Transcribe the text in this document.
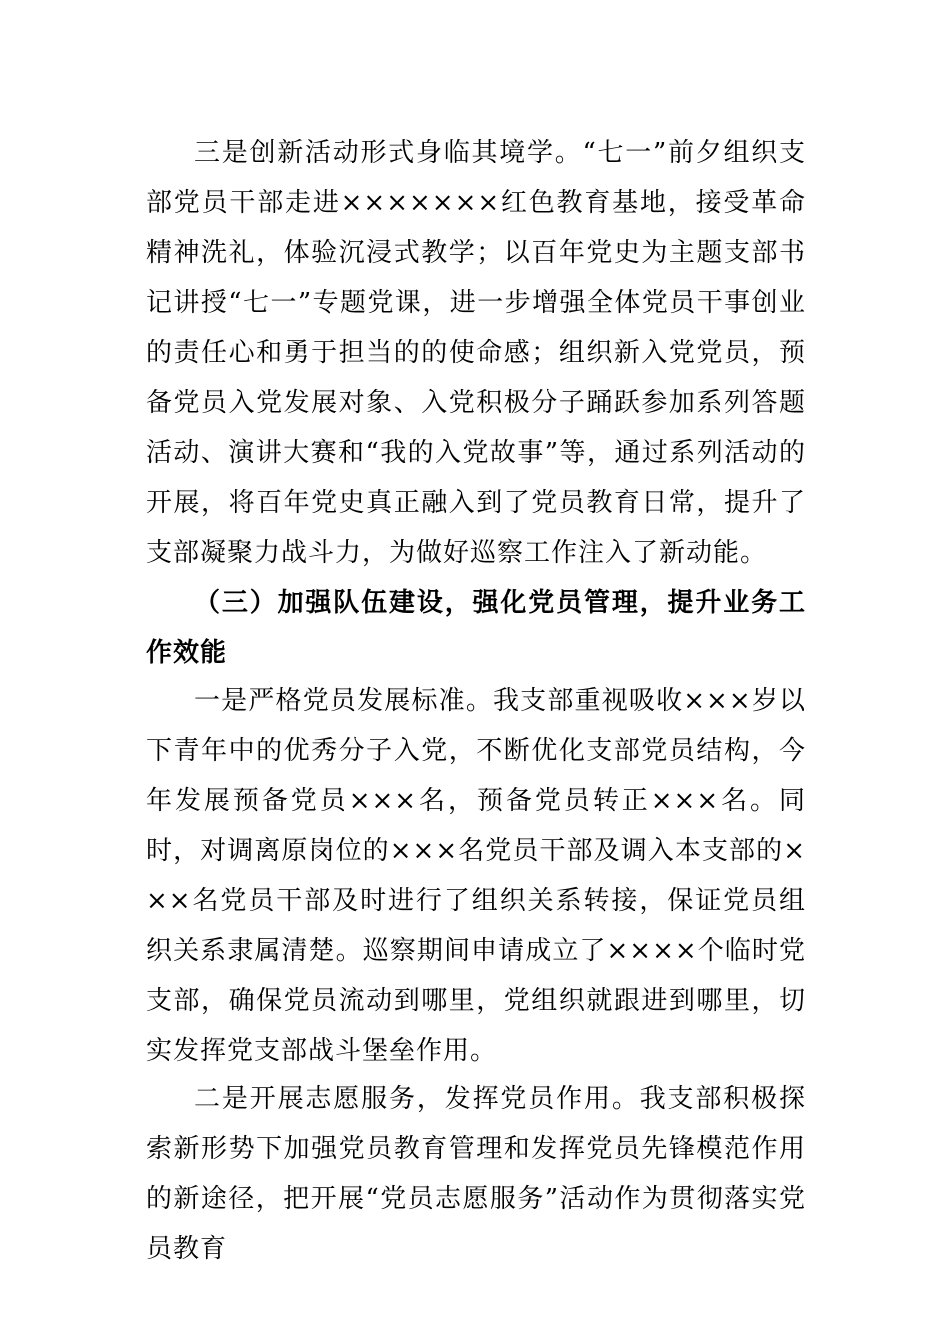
三是创新活动形式身临其境学。“七一”前夕组织支部党员干部走进×××××××红色教育基地，接受革命精神洗礼，体验沉浸式教学；以百年党史为主题支部书记讲授“七一”专题党课，进一步增强全体党员干事创业的责任心和勇于担当的的使命感；组织新入党党员，预备党员入党发展对象、入党积极分子踊跃参加系列答题活动、演讲大赛和“我的入党故事”等，通过系列活动的开展，将百年党史真正融入到了党员教育日常，提升了支部凝聚力战斗力，为做好巡察工作注入了新动能。

（三）加强队伍建设，强化党员管理，提升业务工作效能

一是严格党员发展标准。我支部重视吸收×××岁以下青年中的优秀分子入党，不断优化支部党员结构，今年发展预备党员×××名，预备党员转正×××名。同时，对调离原岗位的×××名党员干部及调入本支部的×××名党员干部及时进行了组织关系转接，保证党员组织关系隶属清楚。巡察期间申请成立了××××个临时党支部，确保党员流动到哪里，党组织就跟进到哪里，切实发挥党支部战斗堡垒作用。

二是开展志愿服务，发挥党员作用。我支部积极探索新形势下加强党员教育管理和发挥党员先锋模范作用的新途径，把开展“党员志愿服务”活动作为贯彻落实党员教育
